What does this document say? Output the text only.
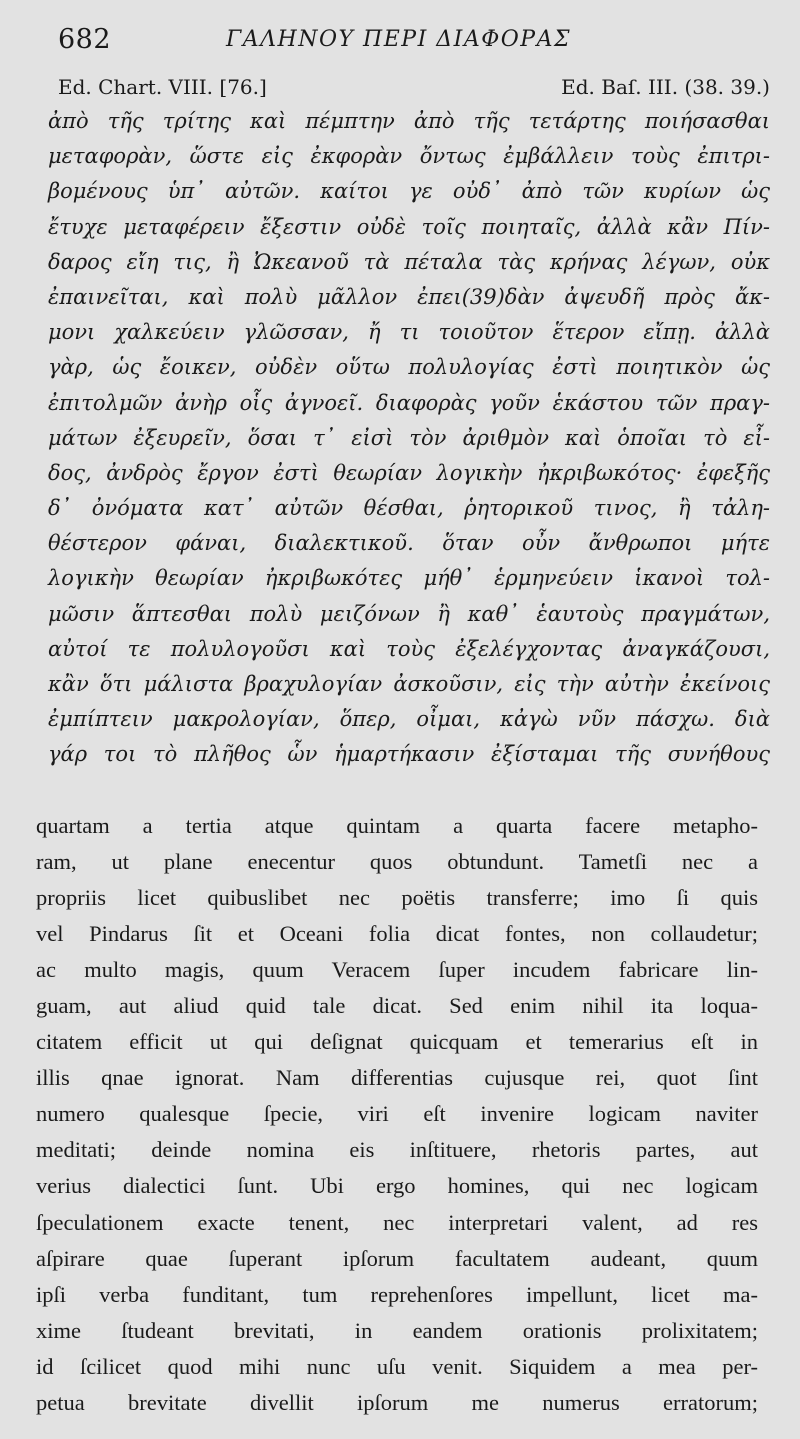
682	ΓΑΛΗΝΟΥ ΠΕΡΙ ΔΙΑΦΟΡΑΣ
Ed. Chart. VIII. [76.]	Ed. Baſ. III. (38. 39.)
ἀπὸ τῆς τρίτης καὶ πέμπτην ἀπὸ τῆς τετάρτης ποιήσασθαι
μεταφορὰν, ὥστε εἰς ἐκφορὰν ὄντως ἐμβάλλειν τοὺς ἐπιτρι-
βομένους ὑπ᾽ αὐτῶν. καίτοι γε οὐδ᾽ ἀπὸ τῶν κυρίων ὡς
ἔτυχε μεταφέρειν ἔξεστιν οὐδὲ τοῖς ποιηταῖς, ἀλλὰ κἂν Πίν-
δαρος εἴη τις, ἢ Ὠκεανοῦ τὰ πέταλα τὰς κρήνας λέγων, οὐκ
ἐπαινεῖται, καὶ πολὺ μᾶλλον ἐπει(39)δὰν ἀψευδῆ πρὸς ἄκ-
μονι χαλκεύειν γλῶσσαν, ἤ τι τοιοῦτον ἕτερον εἴπῃ. ἀλλὰ
γὰρ, ὡς ἔοικεν, οὐδὲν οὕτω πολυλογίας ἐστὶ ποιητικὸν ὡς
ἐπιτολμῶν ἀνὴρ οἷς ἀγνοεῖ. διαφορὰς γοῦν ἑκάστου τῶν πραγ-
μάτων ἐξευρεῖν, ὅσαι τ᾽ εἰσὶ τὸν ἀριθμὸν καὶ ὁποῖαι τὸ εἶ-
δος, ἀνδρὸς ἔργον ἐστὶ θεωρίαν λογικὴν ἠκριβωκότος· ἐφεξῆς
δ᾽ ὀνόματα κατ᾽ αὐτῶν θέσθαι, ῥητορικοῦ τινος, ἢ τἀλη-
θέστερον φάναι, διαλεκτικοῦ. ὅταν οὖν ἄνθρωποι μήτε
λογικὴν θεωρίαν ἠκριβωκότες μήθ᾽ ἑρμηνεύειν ἱκανοὶ τολ-
μῶσιν ἅπτεσθαι πολὺ μειζόνων ἢ καθ᾽ ἑαυτοὺς πραγμάτων,
αὐτοί τε πολυλογοῦσι καὶ τοὺς ἐξελέγχοντας ἀναγκάζουσι,
κἂν ὅτι μάλιστα βραχυλογίαν ἀσκοῦσιν, εἰς τὴν αὐτὴν ἐκείνοις
ἐμπίπτειν μακρολογίαν, ὅπερ, οἶμαι, κἀγὼ νῦν πάσχω. διὰ
γάρ τοι τὸ πλῆθος ὧν ἡμαρτήκασιν ἐξίσταμαι τῆς συνήθους
quartam a tertia atque quintam a quarta facere metapho-
ram, ut plane enecentur quos obtundunt. Tametſi nec a
propriis licet quibuslibet nec poëtis transferre; imo ſi quis
vel Pindarus ſit et Oceani folia dicat fontes, non collaudetur;
ac multo magis, quum Veracem ſuper incudem fabricare lin-
guam, aut aliud quid tale dicat. Sed enim nihil ita loqua-
citatem efficit ut qui deſignat quicquam et temerarius eſt in
illis qnae ignorat. Nam differentias cujusque rei, quot ſint
numero qualesque ſpecie, viri eſt invenire logicam naviter
meditati; deinde nomina eis inſtituere, rhetoris partes, aut
verius dialectici ſunt. Ubi ergo homines, qui nec logicam
ſpeculationem exacte tenent, nec interpretari valent, ad res
aſpirare quae ſuperant ipſorum facultatem audeant, quum
ipſi verba funditant, tum reprehenſores impellunt, licet ma-
xime ſtudeant brevitati, in eandem orationis prolixitatem;
id ſcilicet quod mihi nunc uſu venit. Siquidem a mea per-
petua brevitate divellit ipſorum me numerus erratorum;
